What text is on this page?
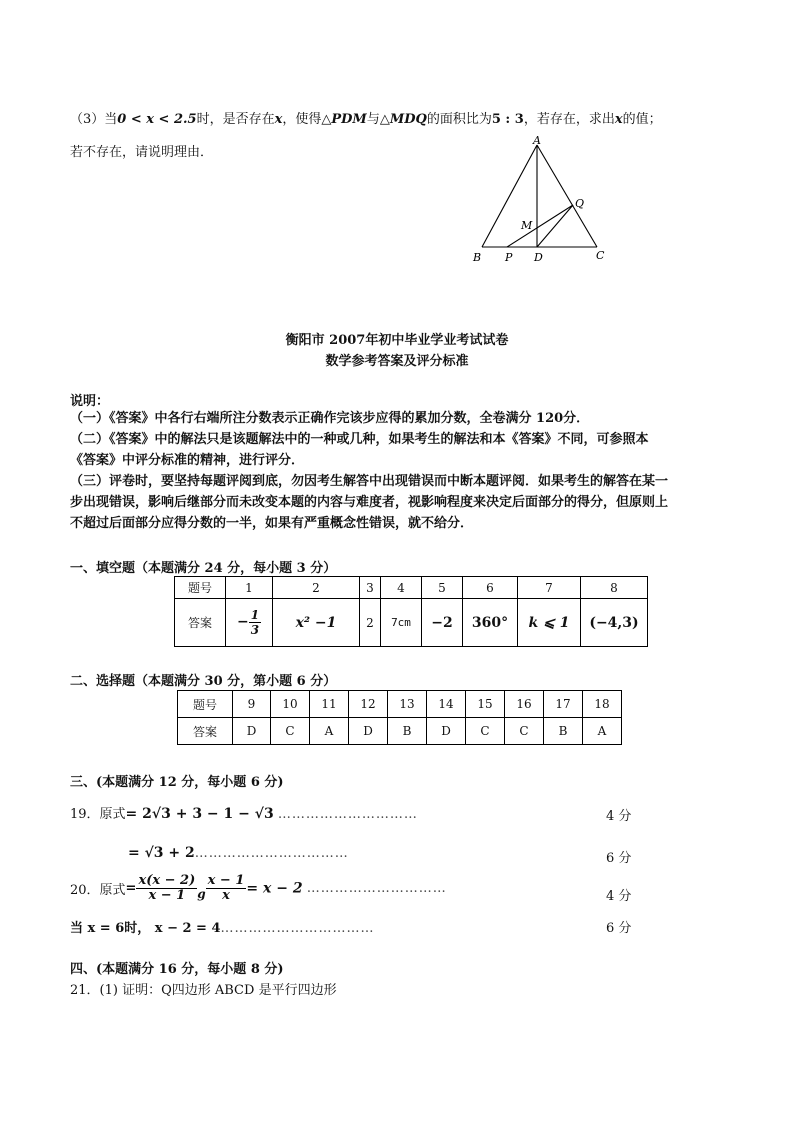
（3）当0 < x < 2.5时，是否存在x，使得△PDM与△MDQ的面积比为5 : 3，若存在，求出x的值；
若不存在，请说明理由．
A
Q
M
B P D	C
衡阳市 2007年初中毕业学业考试试卷
数学参考答案及评分标准
说明：
（一）《答案》中各行右端所注分数表示正确作完该步应得的累加分数，全卷满分 120分．
（二）《答案》中的解法只是该题解法中的一种或几种，如果考生的解法和本《答案》不同，可参照本
《答案》中评分标准的精神，进行评分．
（三）评卷时，要坚持每题评阅到底，勿因考生解答中出现错误而中断本题评阅．如果考生的解答在某一
步出现错误，影响后继部分而未改变本题的内容与难度者，视影响程度来决定后面部分的得分，但原则上
不超过后面部分应得分数的一半，如果有严重概念性错误，就不给分．
一、填空题（本题满分 24 分，每小题 3 分）
题号	1	2	3	4	5	6	7	8
答案	− $\frac{1}{3}$	x² −1	2	7cm	−2	360°	k ⩽ 1	(−4,3)
二、选择题（本题满分 30 分，第小题 6 分）
题号	9	10	11	12	13	14	15	16	17	18
答案	D	C	A	D	B	D	C	C	B	A
三、(本题满分 12 分，每小题 6 分)
19．原式= 2√3 + 3 − 1 − √3 …………………………	4 分
= √3 + 2……………………………	6 分
20．原式= $\frac{x(x - 2)}{x - 1}$ g $\frac{x - 1}{x} = x - 2$ …………………………
4 分
当 x = 6时， x − 2 = 4……………………………	6 分
四、(本题满分 16 分，每小题 8 分)
21．(1) 证明：Q四边形 ABCD 是平行四边形
